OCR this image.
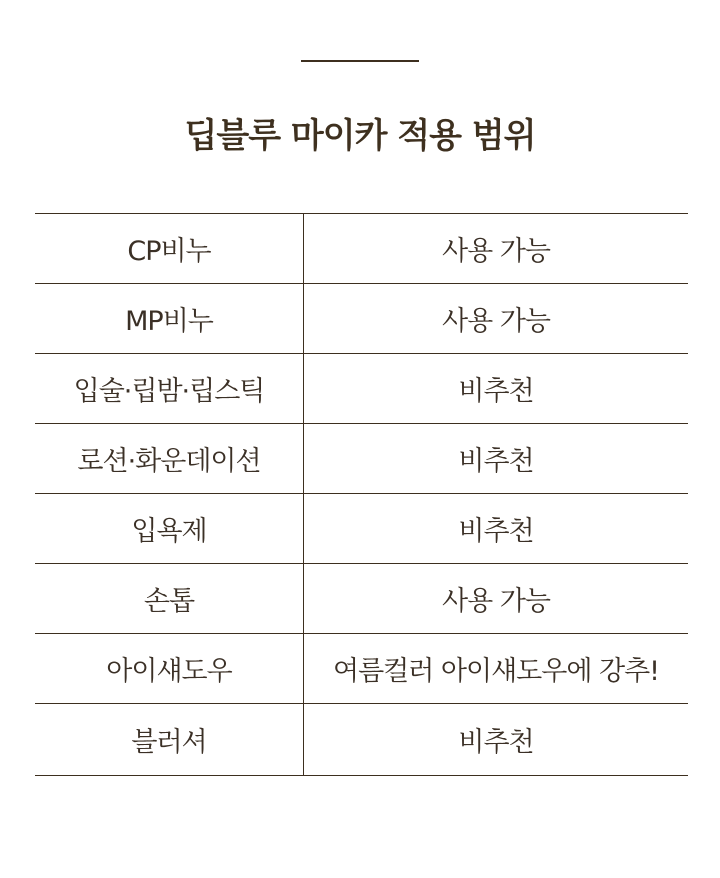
딥블루 마이카 적용 범위
CP비누	사용 가능
MP비누	사용 가능
입술·립밤·립스틱	비추천
로션·화운데이션	비추천
입욕제	비추천
손톱	사용 가능
아이섀도우	여름컬러 아이섀도우에 강추!
블러셔	비추천
